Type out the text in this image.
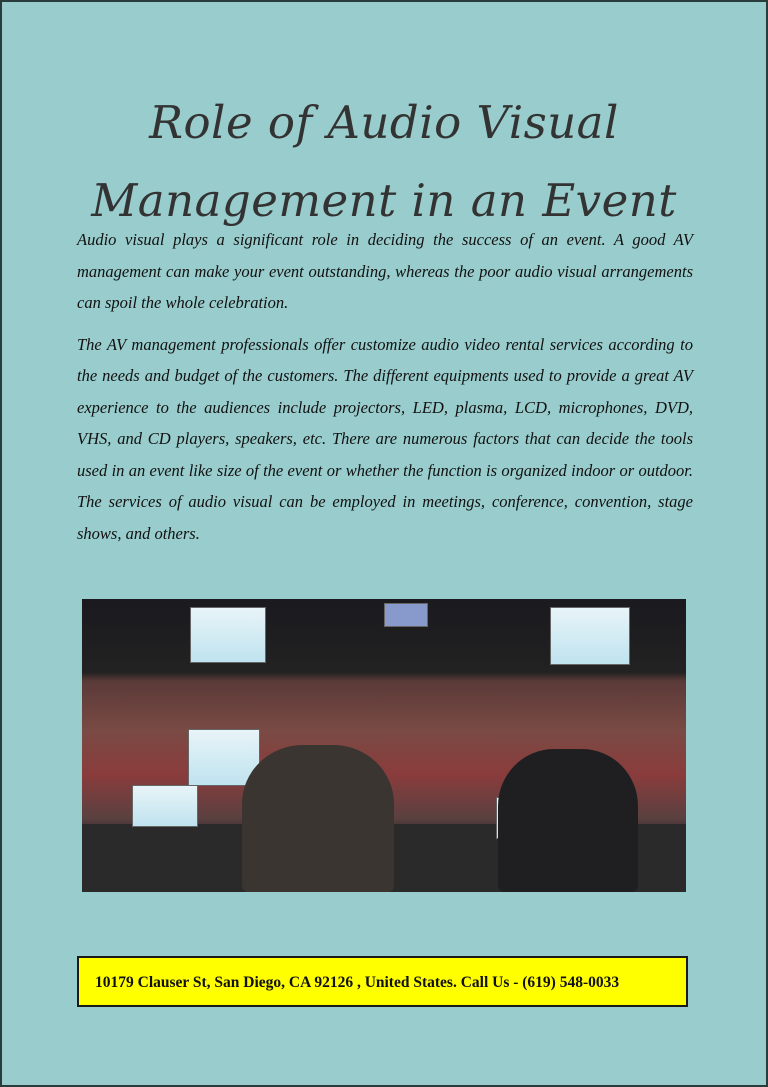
Role of Audio Visual
Management in an Event

Audio visual plays a significant role in deciding the success of an event. A good AV management can make your event outstanding, whereas the poor audio visual arrangements can spoil the whole celebration.

The AV management professionals offer customize audio video rental services according to the needs and budget of the customers. The different equipments used to provide a great AV experience to the audiences include projectors, LED, plasma, LCD, microphones, DVD, VHS, and CD players, speakers, etc. There are numerous factors that can decide the tools used in an event like size of the event or whether the function is organized indoor or outdoor. The services of audio visual can be employed in meetings, conference, convention, stage shows, and others.

10179 Clauser St, San Diego, CA 92126 , United States. Call Us - (619) 548-0033
